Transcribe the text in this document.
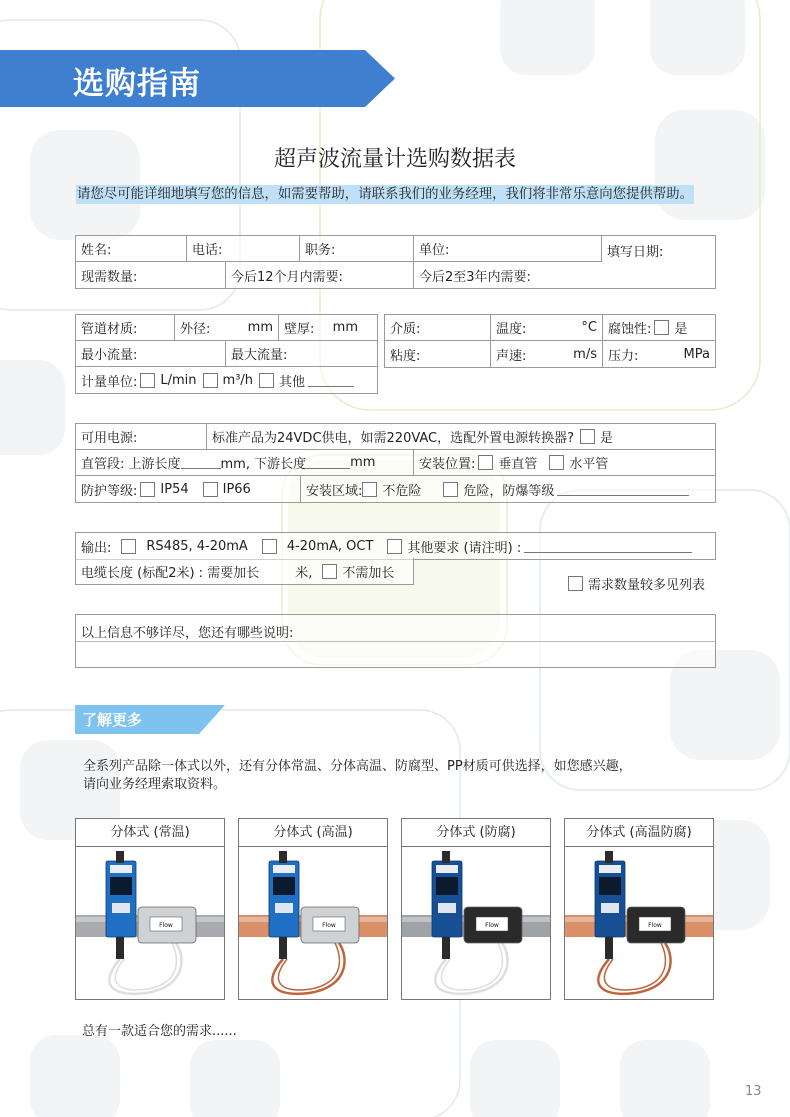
选购指南
超声波流量计选购数据表
请您尽可能详细地填写您的信息，如需要帮助，请联系我们的业务经理，我们将非常乐意向您提供帮助。
姓名:	电话:	职务:	单位:	填写日期:
现需数量:	今后12个月内需要:	今后2至3年内需要:
管道材质:	外径:	mm 壁厚: mm
最小流量:	最大流量:
计量单位: L/min m³/h 其他
介质:	温度:	°C 腐蚀性: 是
粘度:	声速:	m/s 压力:	MPa
可用电源:	标准产品为24VDC供电，如需220VAC，选配外置电源转换器? 是
直管段: 上游长度	mm, 下游长度	mm	安装位置: 垂直管 水平管
防护等级: IP54	IP66	安装区域: 不危险	危险，防爆等级
输出:	RS485, 4-20mA	4-20mA, OCT	其他要求 (请注明) :
电缆长度 (标配2米) : 需要加长	米, 不需加长
需求数量较多见列表
以上信息不够详尽，您还有哪些说明:
了解更多
全系列产品除一体式以外，还有分体常温、分体高温、防腐型、PP材质可供选择，如您感兴趣，
请向业务经理索取资料。
分体式 (常温)
Flow
分体式 (高温)
Flow
分体式 (防腐)
Flow
分体式 (高温防腐)
Flow
总有一款适合您的需求......
13
